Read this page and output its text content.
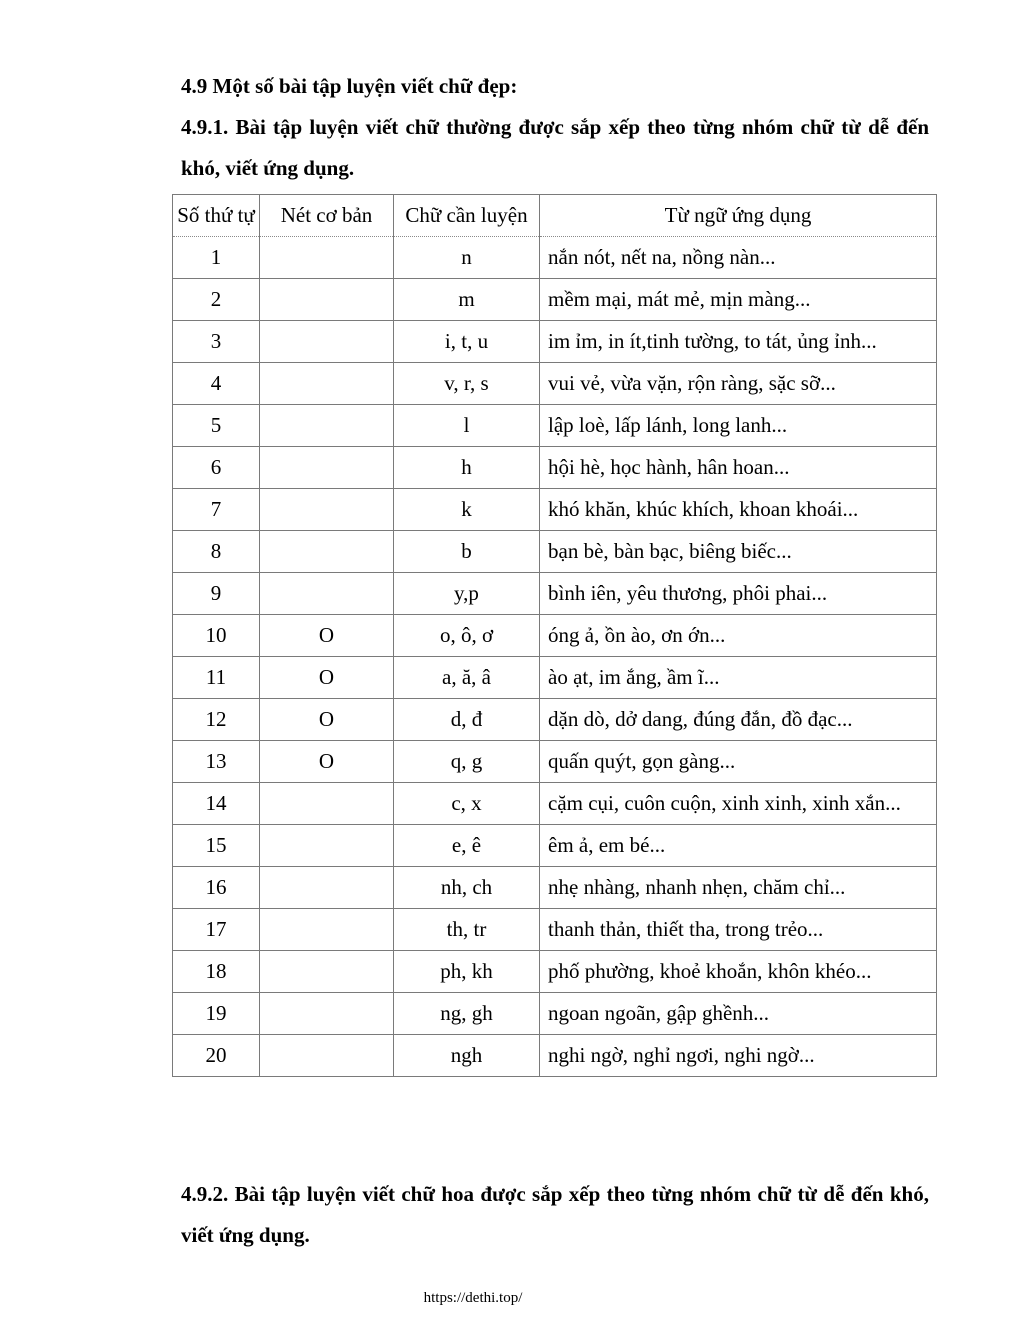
4.9 Một số bài tập luyện viết chữ đẹp:

4.9.1. Bài tập luyện viết chữ thường được sắp xếp theo từng nhóm chữ từ dễ đến khó, viết ứng dụng.

Số thứ tự	Nét cơ bản	Chữ cần luyện	Từ ngữ ứng dụng
1		n	nắn nót, nết na, nồng nàn...
2		m	mềm mại, mát mẻ, mịn màng...
3		i, t, u	im ỉm, in ít,tinh tường, to tát, ủng ỉnh...
4		v, r, s	vui vẻ, vừa vặn, rộn ràng, sặc sỡ...
5		l	lập loè, lấp lánh, long lanh...
6		h	hội hè, học hành, hân hoan...
7		k	khó khăn, khúc khích, khoan khoái...
8		b	bạn bè, bàn bạc, biêng biếc...
9		y,p	bình iên, yêu thương, phôi phai...
10	O	o, ô, ơ	óng ả, ồn ào, ơn ớn...
11	O	a, ă, â	ào ạt, im ắng, ầm ĩ...
12	O	d, đ	dặn dò, dở dang, đúng đắn, đồ đạc...
13	O	q, g	quấn quýt, gọn gàng...
14		c, x	cặm cụi, cuôn cuộn, xinh xinh, xinh xắn...
15		e, ê	êm ả, em bé...
16		nh, ch	nhẹ nhàng, nhanh nhẹn, chăm chỉ...
17		th, tr	thanh thản, thiết tha, trong trẻo...
18		ph, kh	phố phường, khoẻ khoắn, khôn khéo...
19		ng, gh	ngoan ngoãn, gập ghềnh...
20		ngh	nghi ngờ, nghỉ ngơi, nghi ngờ...

4.9.2. Bài tập luyện viết chữ hoa được sắp xếp theo từng nhóm chữ từ dễ đến khó, viết ứng dụng.

https://dethi.top/
